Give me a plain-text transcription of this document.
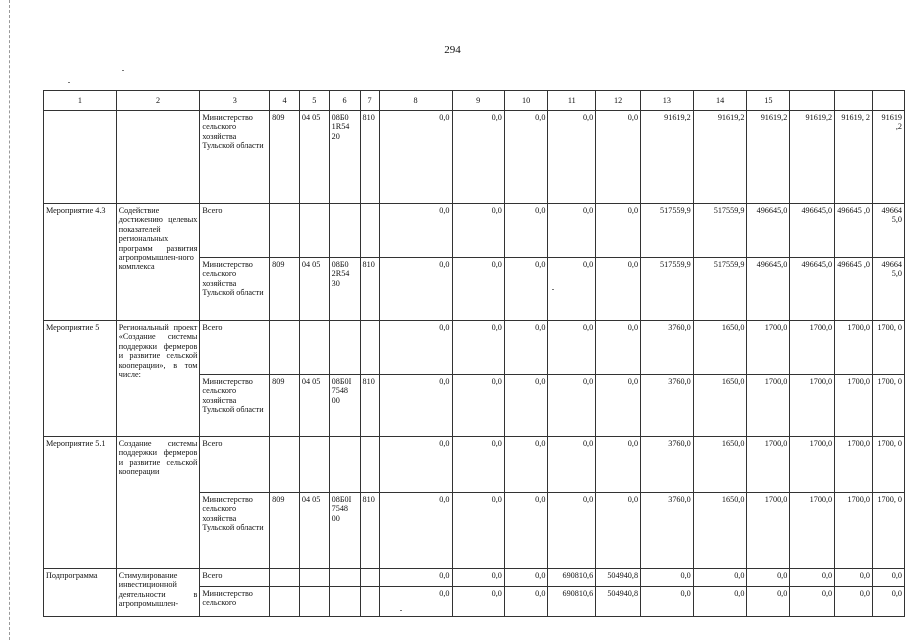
294
1	2	3	4	5	6	7	8	9	10	11	12	13	14	15			
		Министерство сельского хозяйства Тульской области	809	04 05	08Б0 1R54 20	810	0,0	0,0	0,0	0,0	0,0	91619,2	91619,2	91619,2	91619,2	91619, 2	91619 ,2
Мероприятие 4.3	Содействие достижению целевых показателей региональных программ развития агропромышлен-ного комплекса	Всего					0,0	0,0	0,0	0,0	0,0	517559,9	517559,9	496645,0	496645,0	496645 ,0	49664 5,0
		Министерство сельского хозяйства Тульской области	809	04 05	08Б0 2R54 30	810	0,0	0,0	0,0	0,0	0,0	517559,9	517559,9	496645,0	496645,0	496645 ,0	49664 5,0
Мероприятие 5	Региональный проект «Создание системы поддержки фермеров и развитие сельской кооперации», в том числе:	Всего					0,0	0,0	0,0	0,0	0,0	3760,0	1650,0	1700,0	1700,0	1700,0	1700, 0
		Министерство сельского хозяйства Тульской области	809	04 05	08Б0I 7548 00	810	0,0	0,0	0,0	0,0	0,0	3760,0	1650,0	1700,0	1700,0	1700,0	1700, 0
Мероприятие 5.1	Создание системы поддержки фермеров и развитие сельской кооперации	Всего					0,0	0,0	0,0	0,0	0,0	3760,0	1650,0	1700,0	1700,0	1700,0	1700, 0
		Министерство сельского хозяйства Тульской области	809	04 05	08Б0I 7548 00	810	0,0	0,0	0,0	0,0	0,0	3760,0	1650,0	1700,0	1700,0	1700,0	1700, 0
Подпрограмма	Стимулирование инвестиционной деятельности в агропромышлен-	Всего					0,0	0,0	0,0	690810,6	504940,8	0,0	0,0	0,0	0,0	0,0	0,0
		Министерство сельского					0,0	0,0	0,0	690810,6	504940,8	0,0	0,0	0,0	0,0	0,0	0,0
